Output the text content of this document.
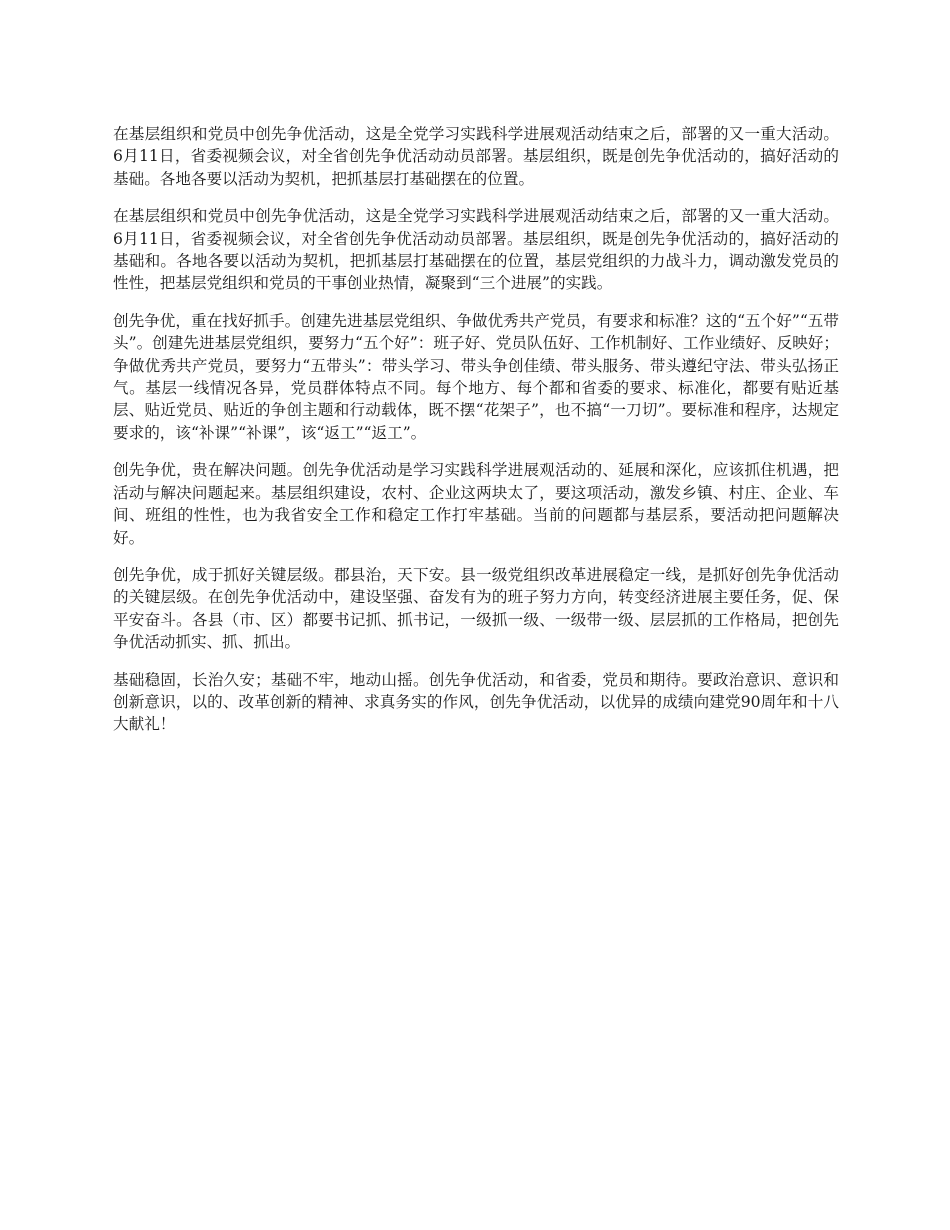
在基层组织和党员中创先争优活动，这是全党学习实践科学进展观活动结束之后，部署的又一重大活动。6月11日，省委视频会议，对全省创先争优活动动员部署。基层组织，既是创先争优活动的，搞好活动的基础。各地各要以活动为契机，把抓基层打基础摆在的位置。

在基层组织和党员中创先争优活动，这是全党学习实践科学进展观活动结束之后，部署的又一重大活动。6月11日，省委视频会议，对全省创先争优活动动员部署。基层组织，既是创先争优活动的，搞好活动的基础和。各地各要以活动为契机，把抓基层打基础摆在的位置，基层党组织的力战斗力，调动激发党员的性性，把基层党组织和党员的干事创业热情，凝聚到“三个进展”的实践。

创先争优，重在找好抓手。创建先进基层党组织、争做优秀共产党员，有要求和标准？这的“五个好”“五带头”。创建先进基层党组织，要努力“五个好”：班子好、党员队伍好、工作机制好、工作业绩好、反映好；争做优秀共产党员，要努力“五带头”：带头学习、带头争创佳绩、带头服务、带头遵纪守法、带头弘扬正气。基层一线情况各异，党员群体特点不同。每个地方、每个都和省委的要求、标准化，都要有贴近基层、贴近党员、贴近的争创主题和行动载体，既不摆“花架子”，也不搞“一刀切”。要标准和程序，达规定要求的，该“补课”“补课”，该“返工”“返工”。

创先争优，贵在解决问题。创先争优活动是学习实践科学进展观活动的、延展和深化，应该抓住机遇，把活动与解决问题起来。基层组织建设，农村、企业这两块太了，要这项活动，激发乡镇、村庄、企业、车间、班组的性性，也为我省安全工作和稳定工作打牢基础。当前的问题都与基层系，要活动把问题解决好。

创先争优，成于抓好关键层级。郡县治，天下安。县一级党组织改革进展稳定一线，是抓好创先争优活动的关键层级。在创先争优活动中，建设坚强、奋发有为的班子努力方向，转变经济进展主要任务，促、保平安奋斗。各县（市、区）都要书记抓、抓书记，一级抓一级、一级带一级、层层抓的工作格局，把创先争优活动抓实、抓、抓出。

基础稳固，长治久安；基础不牢，地动山摇。创先争优活动，和省委，党员和期待。要政治意识、意识和创新意识，以的、改革创新的精神、求真务实的作风，创先争优活动，以优异的成绩向建党90周年和十八大献礼！
